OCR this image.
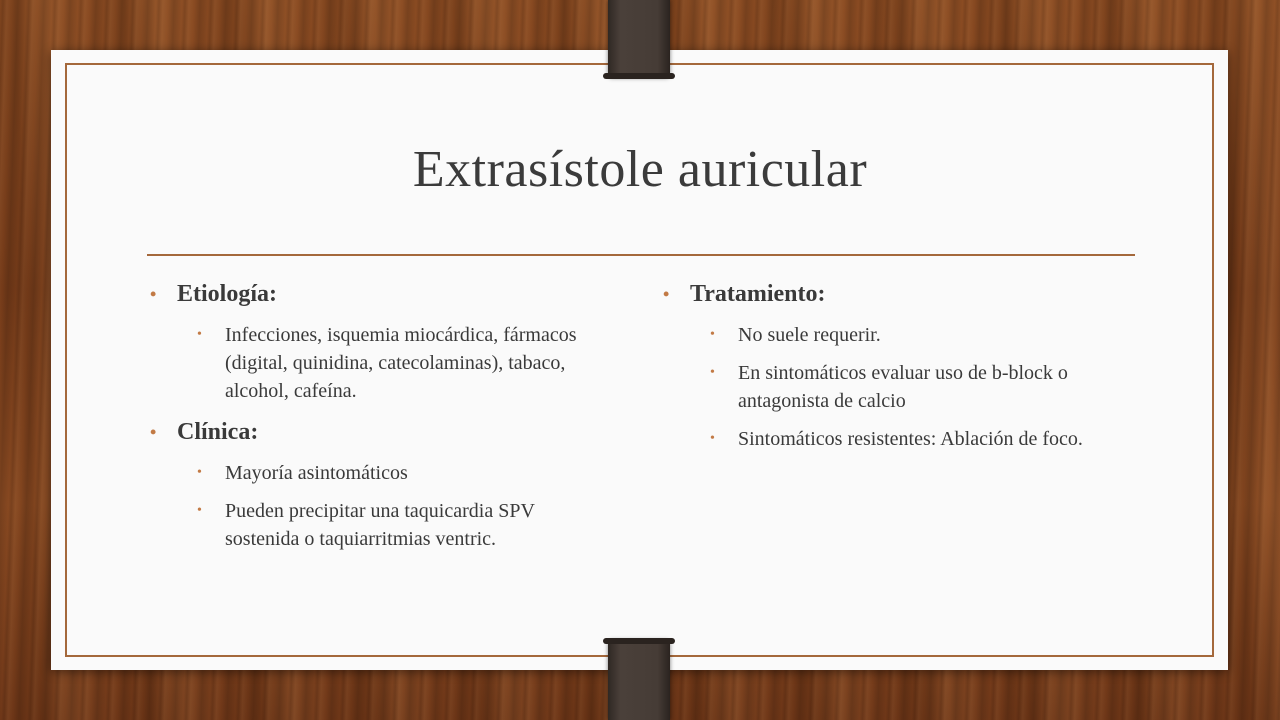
Extrasístole auricular
• Etiología:
• Infecciones, isquemia miocárdica, fármacos (digital, quinidina, catecolaminas), tabaco, alcohol, cafeína.
• Clínica:
• Mayoría asintomáticos
• Pueden precipitar una taquicardia SPV sostenida o taquiarritmias ventric.
• Tratamiento:
• No suele requerir.
• En sintomáticos evaluar uso de b-block o antagonista de calcio
• Sintomáticos resistentes: Ablación de foco.
